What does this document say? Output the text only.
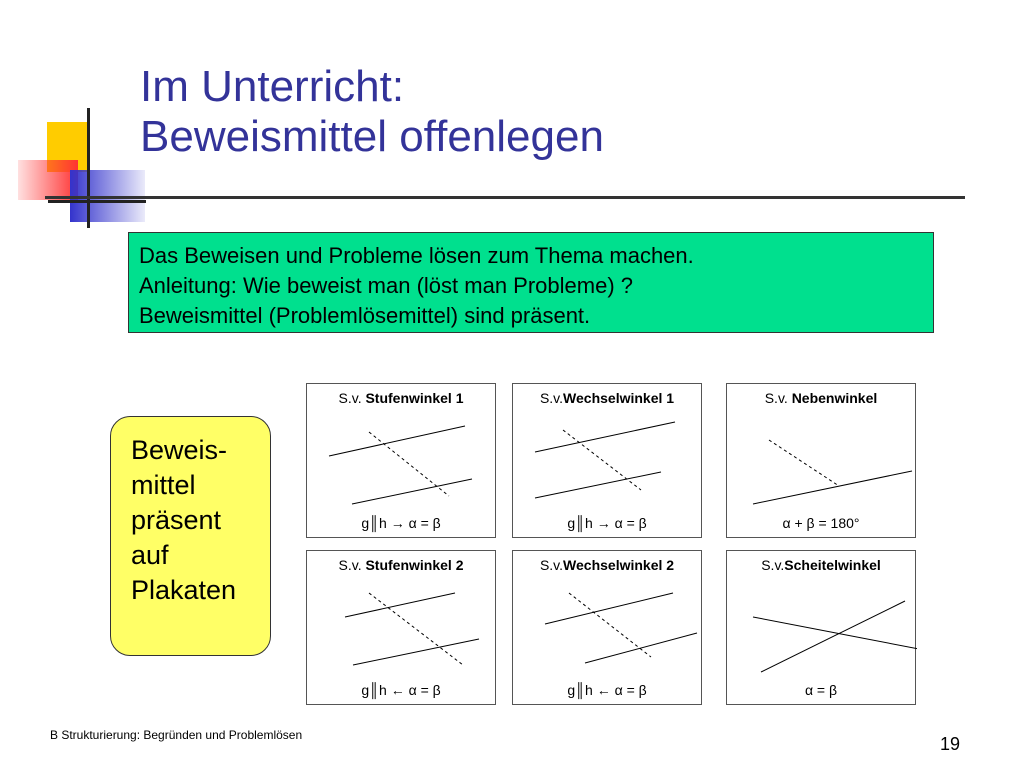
Im Unterricht:
Beweismittel offenlegen
Das Beweisen und Probleme lösen zum Thema machen.
Anleitung: Wie beweist man (löst man Probleme) ?
Beweismittel (Problemlösemittel) sind präsent.
Beweis-
mittel
präsent
auf
Plakaten
S.v. Stufenwinkel 1
g║h → α = β
S.v.Wechselwinkel 1
g║h → α = β
S.v. Nebenwinkel
α + β = 180°
S.v. Stufenwinkel 2
g║h ← α = β
S.v.Wechselwinkel 2
g║h ← α = β
S.v.Scheitelwinkel
α = β
B Strukturierung: Begründen und Problemlösen	19
